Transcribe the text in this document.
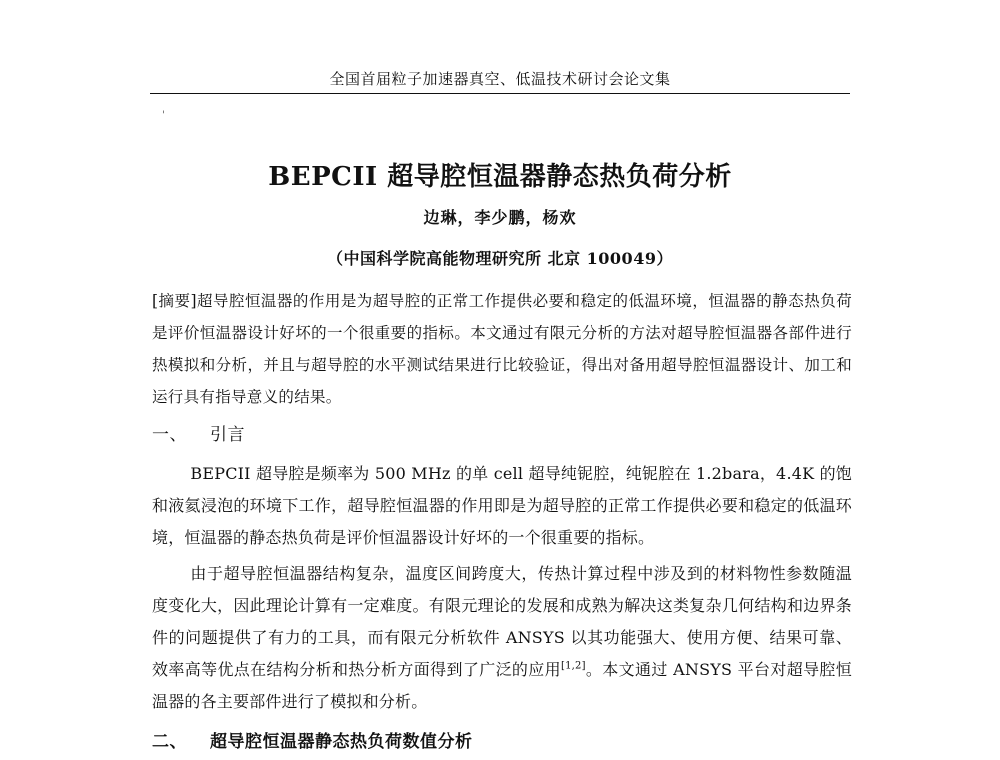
全国首届粒子加速器真空、低温技术研讨会论文集
'
BEPCII 超导腔恒温器静态热负荷分析
边琳，李少鹏，杨欢
（中国科学院高能物理研究所 北京 100049）
[摘要]超导腔恒温器的作用是为超导腔的正常工作提供必要和稳定的低温环境，恒温器的静态热负荷是评价恒温器设计好坏的一个很重要的指标。本文通过有限元分析的方法对超导腔恒温器各部件进行热模拟和分析，并且与超导腔的水平测试结果进行比较验证，得出对备用超导腔恒温器设计、加工和运行具有指导意义的结果。
一、 引言
BEPCII 超导腔是频率为 500 MHz 的单 cell 超导纯铌腔，纯铌腔在 1.2bara，4.4K 的饱和液氦浸泡的环境下工作，超导腔恒温器的作用即是为超导腔的正常工作提供必要和稳定的低温环境，恒温器的静态热负荷是评价恒温器设计好坏的一个很重要的指标。
由于超导腔恒温器结构复杂，温度区间跨度大，传热计算过程中涉及到的材料物性参数随温度变化大，因此理论计算有一定难度。有限元理论的发展和成熟为解决这类复杂几何结构和边界条件的问题提供了有力的工具，而有限元分析软件 ANSYS 以其功能强大、使用方便、结果可靠、效率高等优点在结构分析和热分析方面得到了广泛的应用[1,2]。本文通过 ANSYS 平台对超导腔恒温器的各主要部件进行了模拟和分析。
二、 超导腔恒温器静态热负荷数值分析
